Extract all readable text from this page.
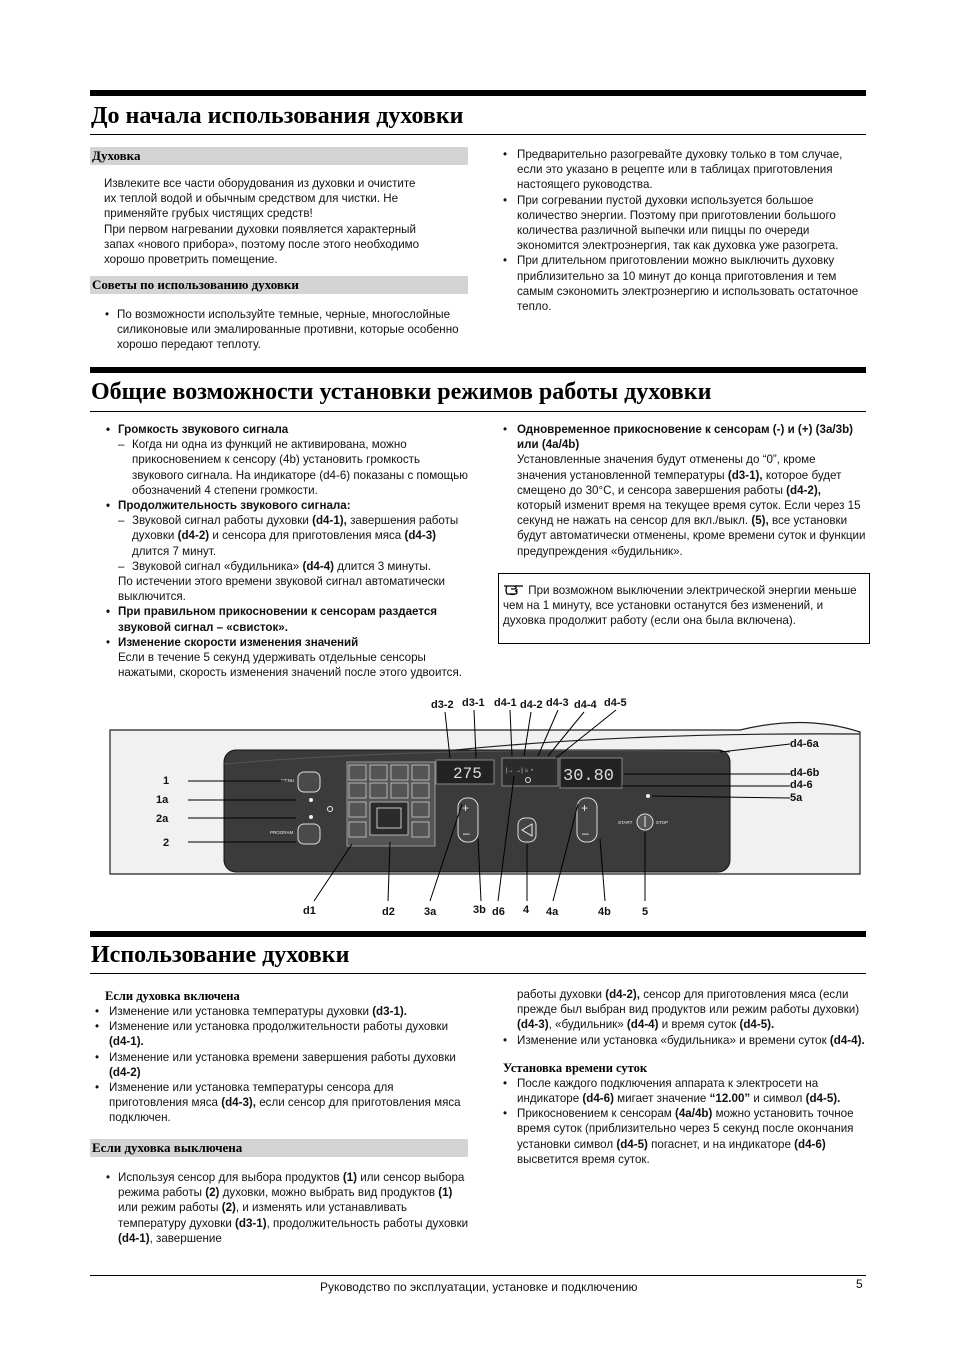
До начала использования духовки
Духовка

Извлеките все части оборудования из духовки и очистите

их теплой водой и обычным средством для чистки. Не

применяйте грубых чистящих средств!

При первом нагревании духовки появляется характерный

запах «нового прибора», поэтому после этого необходимо

хорошо проветрить помещение.

Советы по использованию духовки
• По возможности используйте темные, черные, многослойные силиконовые или эмалированные противни, которые особенно хорошо передают теплоту.
• Предварительно разогревайте духовку только в том случае, если это указано в рецепте или в таблицах приготовления настоящего руководства.
• При согревании пустой духовки используется большое количество энергии. Поэтому при приготовлении большого количества различной выпечки или пиццы по очереди экономится электроэнергия, так как духовка уже разогрета.
• При длительном приготовлении можно выключить духовку приблизительно за 10 минут до конца приготовления и тем самым сэкономить электроэнергию и использовать остаточное тепло.
Общие возможности установки режимов работы духовки
• Громкость звукового сигнала
– Когда ни одна из функций не активирована, можно прикосновением к сенсору (4b) установить громкость звукового сигнала. На индикаторе (d4-6) показаны с помощью обозначений 4 степени громкости.
• Продолжительность звукового сигнала:
– Звуковой сигнал работы духовки (d4-1), завершения работы духовки (d4-2) и сенсора для приготовления мяса (d4-3) длится 7 минут.
– Звуковой сигнал «будильника» (d4-4) длится 3 минуты.
По истечении этого времени звуковой сигнал автоматически выключится.
• При правильном прикосновении к сенсорам раздается звуковой сигнал – «свисток».
• Изменение скорости изменения значений
Если в течение 5 секунд удерживать отдельные сенсоры нажатыми, скорость изменения значений после этого удвоится.
• Одновременное прикосновение к сенсорам (-) и (+) (3a/3b) или (4a/4b)
Установленные значения будут отменены до “0”, кроме значения установленной температуры (d3-1), которое будет смещено до 30°C, и сенсора завершения работы (d4-2), который изменит время на текущее время суток. Если через 15 секунд не нажать на сенсор для вкл./выкл. (5), все установки будут автоматически отменены, кроме времени суток и функции предупреждения «будильник».
При возможном выключении электрической энергии меньше чем на 1 минуту, все установки останутся без изменений, и духовка продолжит работу (если она была включена).
MENU
PROGRAM
275
+
–
|→ →| ⌂ ◔ 30.80
+
–
START	STOP
d3-2 d3-1 d4-1 d4-2 d4-3 d4-4 d4-5
d4-6a
d4-6b
d4-6
5a
1
1a
2a
2
d1	d2	3a	3b d6 4 4a	4b	5
Использование духовки
Если духовка включена
• Изменение или установка температуры духовки (d3-1).
• Изменение или установка продолжительности работы духовки (d4-1).
• Изменение или установка времени завершения работы духовки (d4-2)
• Изменение или установка температуры сенсора для приготовления мяса (d4-3), если сенсор для приготовления мяса подключен.
Если духовка выключена
• Используя сенсор для выбора продуктов (1) или сенсор выбора режима работы (2) духовки, можно выбрать вид продуктов (1) или режим работы (2), и изменять или устанавливать температуру духовки (d3-1), продолжительность работы духовки (d4-1), завершение
работы духовки (d4-2), сенсор для приготовления мяса (если прежде был выбран вид продуктов или режим работы духовки) (d4-3), «будильник» (d4-4) и время суток (d4-5).
• Изменение или установка «будильника» и времени суток (d4-4).
Установка времени суток
• После каждого подключения аппарата к электросети на индикаторе (d4-6) мигает значение “12.00” и символ (d4-5).
• Прикосновением к сенсорам (4a/4b) можно установить точное время суток (приблизительно через 5 секунд после окончания установки символ (d4-5) погаснет, и на индикаторе (d4-6) высветится время суток.
Руководство по эксплуатации, установке и подключению	5
